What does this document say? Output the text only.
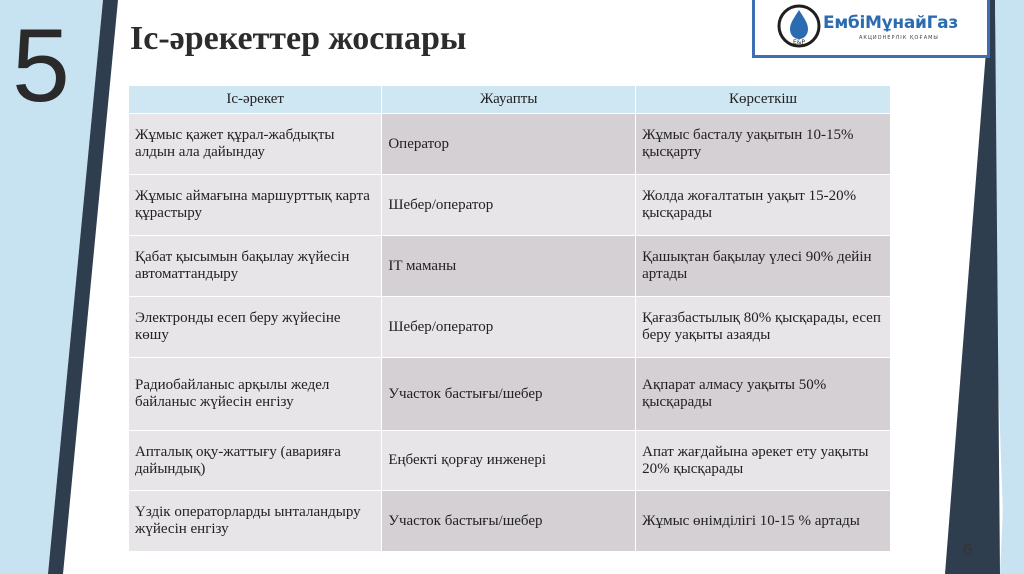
5 Іс-әрекеттер жоспары	Е&Р
ЕмбіМұнайГаз
АКЦИОНЕРЛІК ҚОҒАМЫ
Іс-әрекет	Жауапты	Көрсеткіш
Жұмыс қажет құрал-жабдықты алдын ала дайындау	Оператор	Жұмыс басталу уақытын 10-15% қысқарту
Жұмыс аймағына маршурттық карта құрастыру	Шебер/оператор	Жолда жоғалтатын уақыт 15-20% қысқарады
Қабат қысымын бақылау жүйесін автоматтандыру	IT маманы	Қашықтан бақылау үлесі 90% дейін артады
Электронды есеп беру жүйесіне көшу	Шебер/оператор	Қағазбастылық 80% қысқарады, есеп беру уақыты азаяды
Радиобайланыс арқылы жедел байланыс жүйесін енгізу	Участок бастығы/шебер	Ақпарат алмасу уақыты 50% қысқарады
Апталық оқу-жаттығу (аварияға дайындық)	Еңбекті қорғау инженері	Апат жағдайына әрекет ету уақыты 20% қысқарады
Үздік операторларды ынталандыру жүйесін енгізу	Участок бастығы/шебер	Жұмыс өнімділігі 10-15 % артады
6
